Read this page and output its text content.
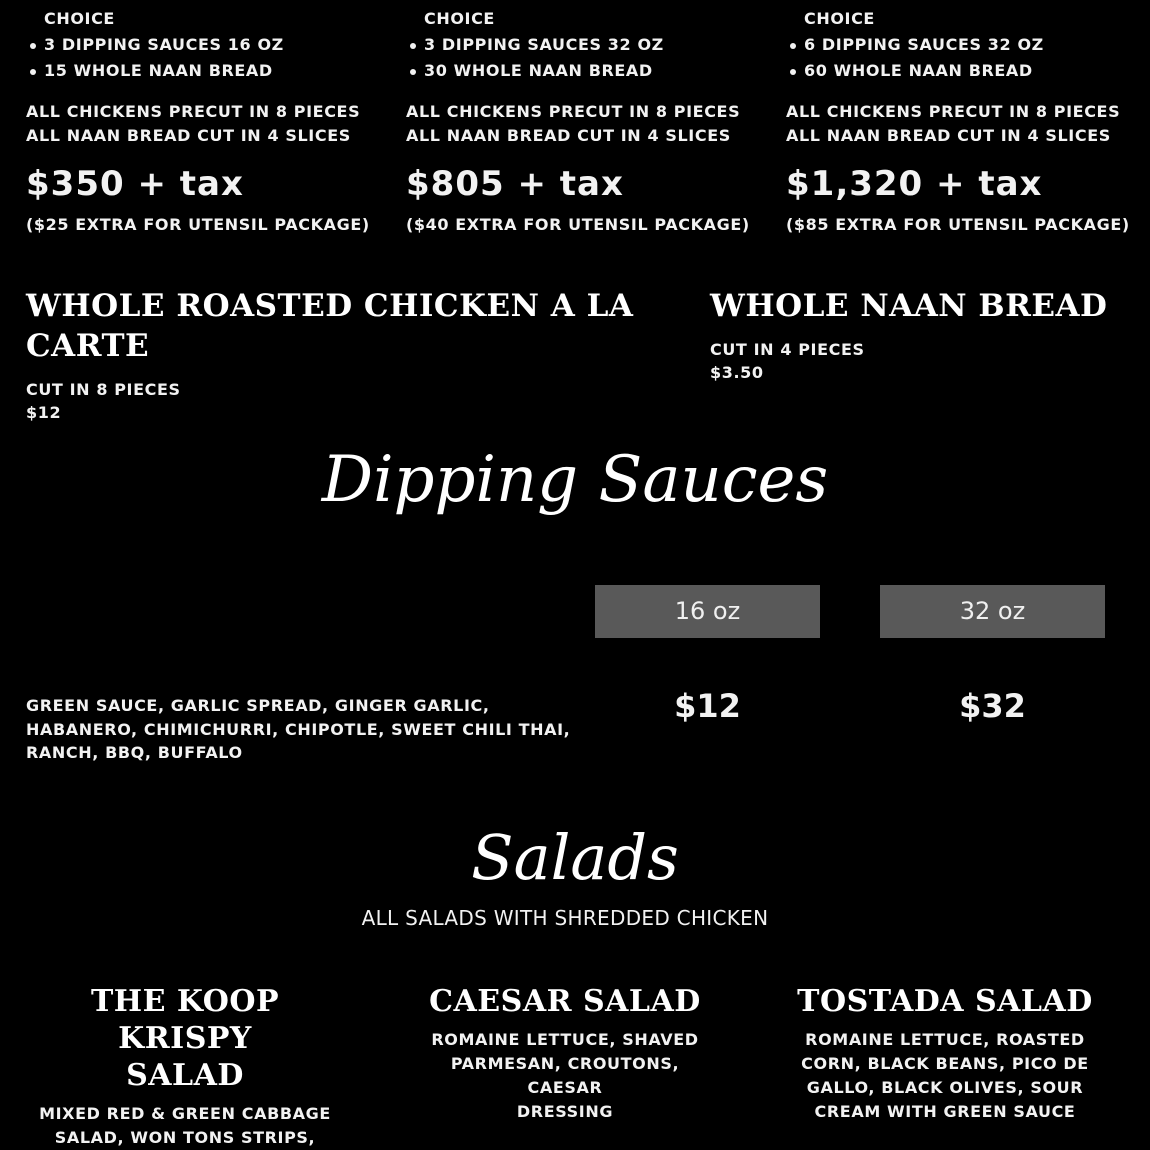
CHOICE
3 DIPPING SAUCES 16 OZ
15 WHOLE NAAN BREAD
ALL CHICKENS PRECUT IN 8 PIECES
ALL NAAN BREAD CUT IN 4 SLICES
$350 + tax
($25 EXTRA FOR UTENSIL PACKAGE)
CHOICE
3 DIPPING SAUCES 32 OZ
30 WHOLE NAAN BREAD
ALL CHICKENS PRECUT IN 8 PIECES
ALL NAAN BREAD CUT IN 4 SLICES
$805 + tax
($40 EXTRA FOR UTENSIL PACKAGE)
CHOICE
6 DIPPING SAUCES 32 OZ
60 WHOLE NAAN BREAD
ALL CHICKENS PRECUT IN 8 PIECES
ALL NAAN BREAD CUT IN 4 SLICES
$1,320 + tax
($85 EXTRA FOR UTENSIL PACKAGE)
WHOLE ROASTED CHICKEN A LA CARTE
CUT IN 8 PIECES
$12
WHOLE NAAN BREAD
CUT IN 4 PIECES
$3.50
Dipping Sauces
16 oz	32 oz
GREEN SAUCE, GARLIC SPREAD, GINGER GARLIC,
HABANERO, CHIMICHURRI, CHIPOTLE, SWEET CHILI THAI,
RANCH, BBQ, BUFFALO
$12	$32
Salads
ALL SALADS WITH SHREDDED CHICKEN
THE KOOP KRISPY
SALAD

MIXED RED & GREEN CABBAGE
SALAD, WON TONS STRIPS,

CAESAR SALAD

ROMAINE LETTUCE, SHAVED
PARMESAN, CROUTONS, CAESAR
DRESSING

TOSTADA SALAD

ROMAINE LETTUCE, ROASTED
CORN, BLACK BEANS, PICO DE
GALLO, BLACK OLIVES, SOUR
CREAM WITH GREEN SAUCE
